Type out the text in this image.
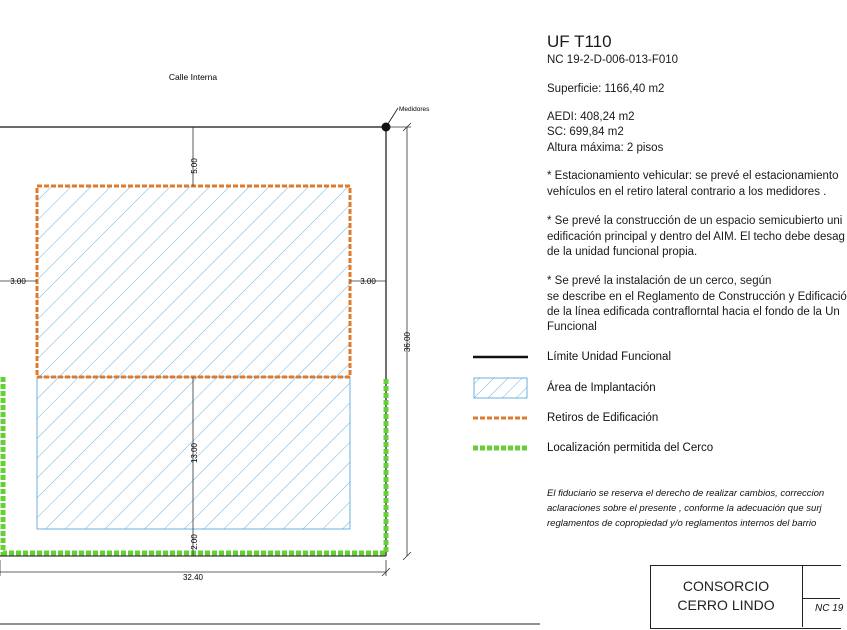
5.00
3.00	3.00
36.00
13.00
2.00
32.40
Calle Interna
Medidores
UF T110
NC 19-2-D-006-013-F010
Superficie: 1166,40 m2
AEDI: 408,24 m2
SC: 699,84 m2
Altura máxima: 2 pisos
* Estacionamiento vehicular: se prevé el estacionamiento
vehículos en el retiro lateral contrario a los medidores .
* Se prevé la construcción de un espacio semicubierto uni
edificación principal y dentro del AIM. El techo debe desag
de la unidad funcional propia.
* Se prevé la instalación de un cerco, según
se describe en el Reglamento de Construcción y Edificació
de la línea edificada contraflorntal hacia el fondo de la Un
Funcional
Límite Unidad Funcional
Área de Implantación
Retiros de Edificación
Localización permitida del Cerco
El fiduciario se reserva el derecho de realizar cambios, correccion
aclaraciones sobre el presente , conforme la adecuación que surj
reglamentos de copropiedad y/o reglamentos internos del barrio
CONSORCIO
CERRO LINDO	NC 19
